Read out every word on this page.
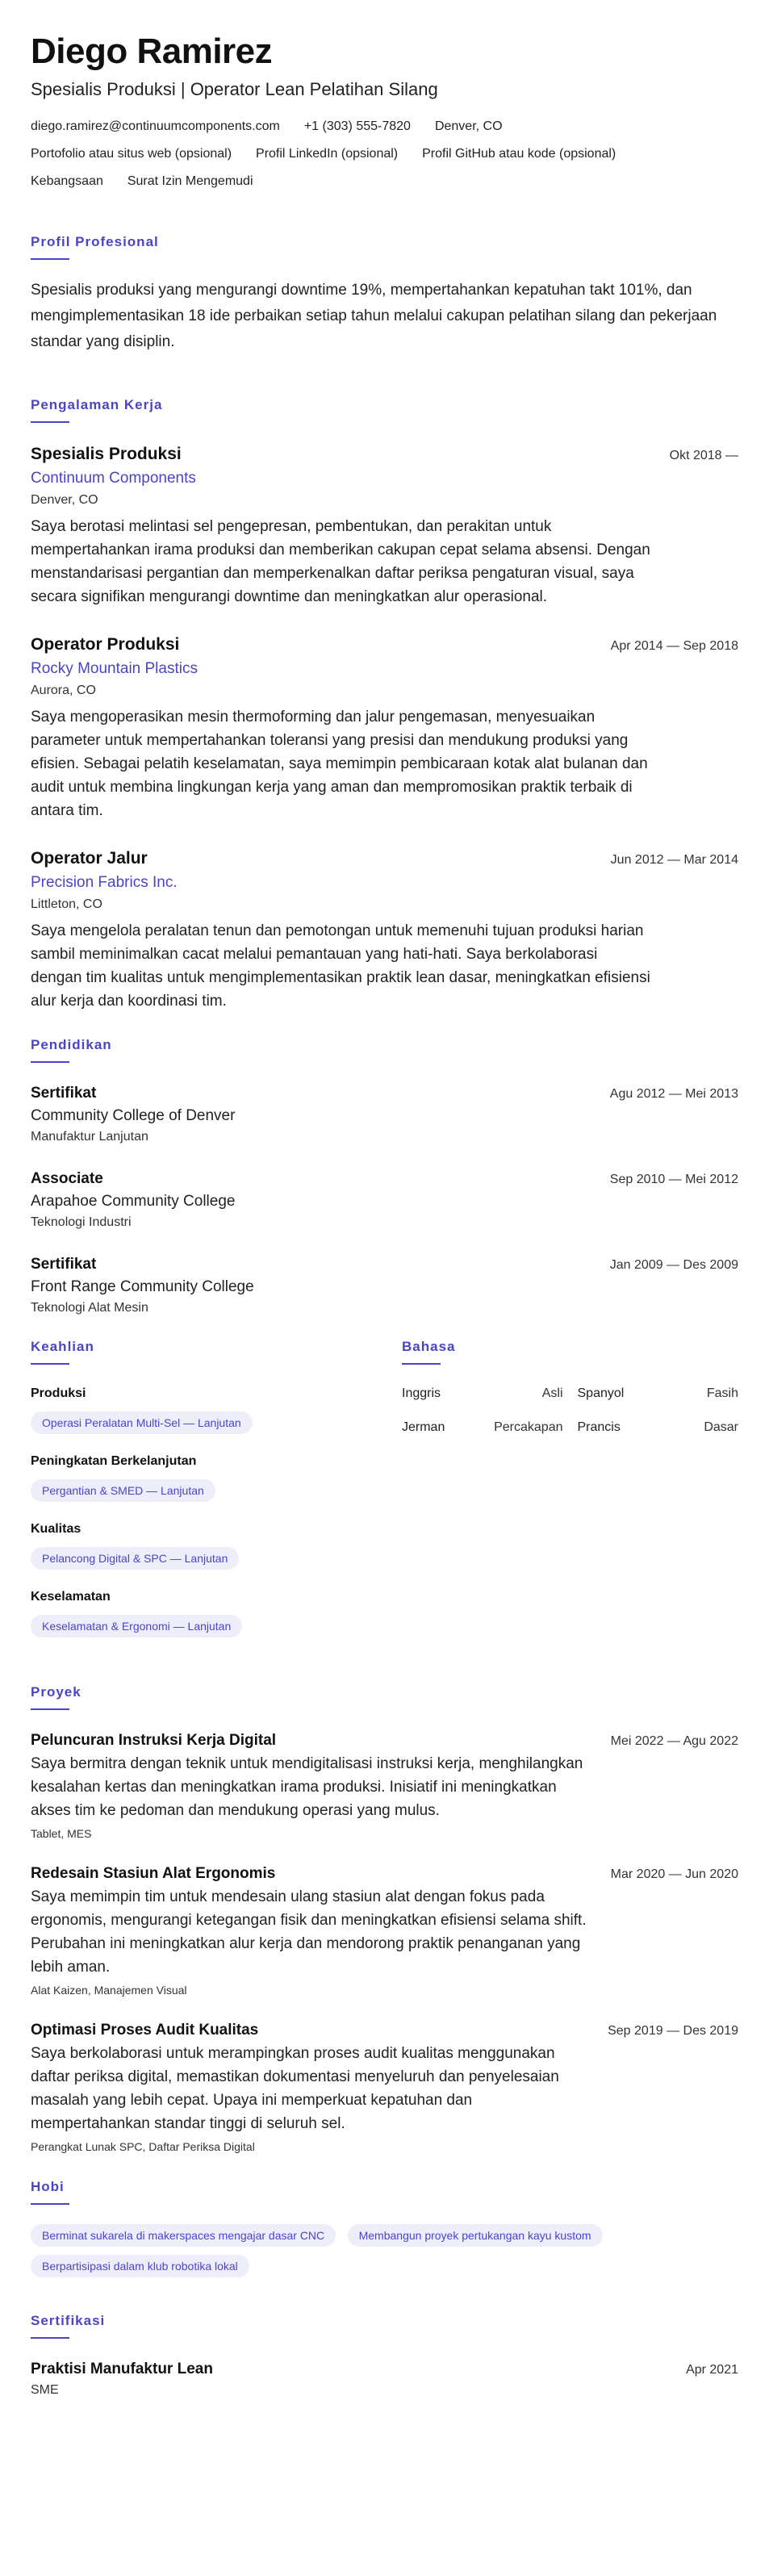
Diego Ramirez
Spesialis Produksi | Operator Lean Pelatihan Silang
diego.ramirez@continuumcomponents.com +1 (303) 555-7820 Denver, CO
Portofolio atau situs web (opsional) Profil LinkedIn (opsional) Profil GitHub atau kode (opsional)
Kebangsaan Surat Izin Mengemudi
Profil Profesional
Spesialis produksi yang mengurangi downtime 19%, mempertahankan kepatuhan takt 101%, dan mengimplementasikan 18 ide perbaikan setiap tahun melalui cakupan pelatihan silang dan pekerjaan standar yang disiplin.
Pengalaman Kerja
Spesialis Produksi	Okt 2018 —
Continuum Components
Denver, CO
Saya berotasi melintasi sel pengepresan, pembentukan, dan perakitan untuk mempertahankan irama produksi dan memberikan cakupan cepat selama absensi. Dengan menstandarisasi pergantian dan memperkenalkan daftar periksa pengaturan visual, saya secara signifikan mengurangi downtime dan meningkatkan alur operasional.
Operator Produksi	Apr 2014 — Sep 2018
Rocky Mountain Plastics
Aurora, CO
Saya mengoperasikan mesin thermoforming dan jalur pengemasan, menyesuaikan parameter untuk mempertahankan toleransi yang presisi dan mendukung produksi yang efisien. Sebagai pelatih keselamatan, saya memimpin pembicaraan kotak alat bulanan dan audit untuk membina lingkungan kerja yang aman dan mempromosikan praktik terbaik di antara tim.
Operator Jalur	Jun 2012 — Mar 2014
Precision Fabrics Inc.
Littleton, CO
Saya mengelola peralatan tenun dan pemotongan untuk memenuhi tujuan produksi harian sambil meminimalkan cacat melalui pemantauan yang hati-hati. Saya berkolaborasi dengan tim kualitas untuk mengimplementasikan praktik lean dasar, meningkatkan efisiensi alur kerja dan koordinasi tim.
Pendidikan
Sertifikat	Agu 2012 — Mei 2013
Community College of Denver
Manufaktur Lanjutan
Associate	Sep 2010 — Mei 2012
Arapahoe Community College
Teknologi Industri
Sertifikat	Jan 2009 — Des 2009
Front Range Community College
Teknologi Alat Mesin
Keahlian
Produksi
Operasi Peralatan Multi-Sel — Lanjutan
Peningkatan Berkelanjutan
Pergantian & SMED — Lanjutan
Kualitas
Pelancong Digital & SPC — Lanjutan
Keselamatan
Keselamatan & Ergonomi — Lanjutan
Bahasa
Inggris	Asli Spanyol	Fasih
Jerman	Percakapan Prancis	Dasar
Proyek
Peluncuran Instruksi Kerja Digital	Mei 2022 — Agu 2022
Saya bermitra dengan teknik untuk mendigitalisasi instruksi kerja, menghilangkan kesalahan kertas dan meningkatkan irama produksi. Inisiatif ini meningkatkan akses tim ke pedoman dan mendukung operasi yang mulus.
Tablet, MES
Redesain Stasiun Alat Ergonomis	Mar 2020 — Jun 2020
Saya memimpin tim untuk mendesain ulang stasiun alat dengan fokus pada ergonomis, mengurangi ketegangan fisik dan meningkatkan efisiensi selama shift. Perubahan ini meningkatkan alur kerja dan mendorong praktik penanganan yang lebih aman.
Alat Kaizen, Manajemen Visual
Optimasi Proses Audit Kualitas	Sep 2019 — Des 2019
Saya berkolaborasi untuk merampingkan proses audit kualitas menggunakan daftar periksa digital, memastikan dokumentasi menyeluruh dan penyelesaian masalah yang lebih cepat. Upaya ini memperkuat kepatuhan dan mempertahankan standar tinggi di seluruh sel.
Perangkat Lunak SPC, Daftar Periksa Digital
Hobi
Berminat sukarela di makerspaces mengajar dasar CNC	Membangun proyek pertukangan kayu kustom Berpartisipasi dalam klub robotika lokal
Sertifikasi
Praktisi Manufaktur Lean	Apr 2021
SME
